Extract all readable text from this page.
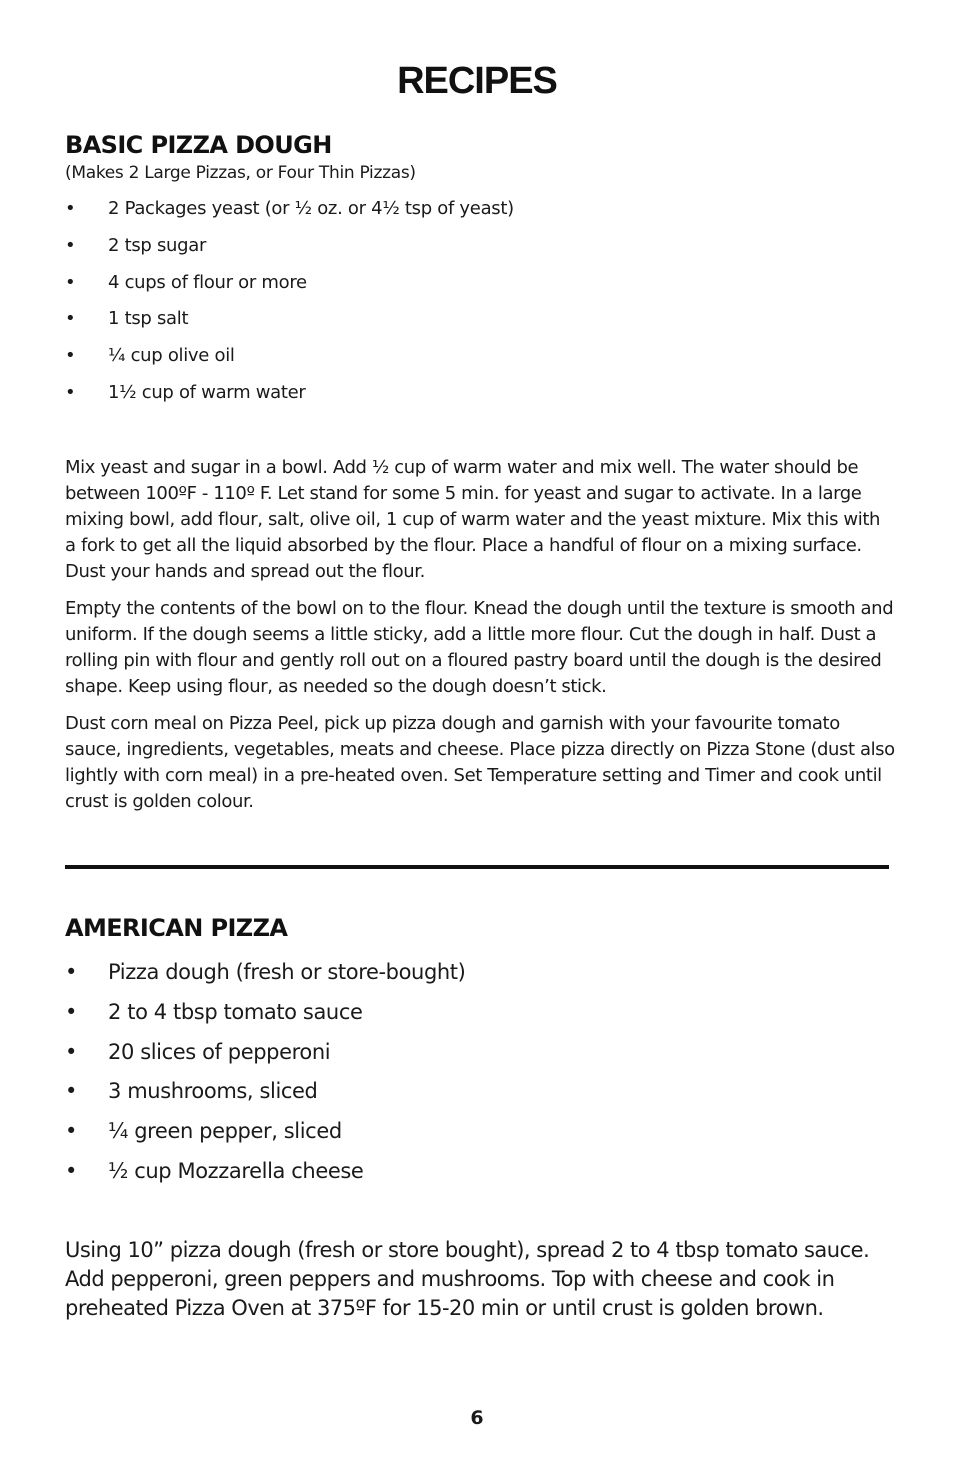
RECIPES
BASIC PIZZA DOUGH

(Makes 2 Large Pizzas, or Four Thin Pizzas)

• 2 Packages yeast (or ½ oz. or 4½ tsp of yeast)
• 2 tsp sugar
• 4 cups of flour or more
• 1 tsp salt
• ¼ cup olive oil
• 1½ cup of warm water

Mix yeast and sugar in a bowl. Add ½ cup of warm water and mix well. The water should be between 100ºF - 110º F. Let stand for some 5 min. for yeast and sugar to activate. In a large mixing bowl, add flour, salt, olive oil, 1 cup of warm water and the yeast mixture. Mix this with a fork to get all the liquid absorbed by the flour. Place a handful of flour on a mixing surface. Dust your hands and spread out the flour.

Empty the contents of the bowl on to the flour. Knead the dough until the texture is smooth and uniform. If the dough seems a little sticky, add a little more flour. Cut the dough in half. Dust a rolling pin with flour and gently roll out on a floured pastry board until the dough is the desired shape. Keep using flour, as needed so the dough doesn’t stick.

Dust corn meal on Pizza Peel, pick up pizza dough and garnish with your favourite tomato sauce, ingredients, vegetables, meats and cheese. Place pizza directly on Pizza Stone (dust also lightly with corn meal) in a pre-heated oven. Set Temperature setting and Timer and cook until crust is golden colour.

AMERICAN PIZZA
• Pizza dough (fresh or store-bought)
• 2 to 4 tbsp tomato sauce
• 20 slices of pepperoni
• 3 mushrooms, sliced
• ¼ green pepper, sliced
• ½ cup Mozzarella cheese

Using 10” pizza dough (fresh or store bought), spread 2 to 4 tbsp tomato sauce. Add pepperoni, green peppers and mushrooms. Top with cheese and cook in preheated Pizza Oven at 375ºF for 15-20 min or until crust is golden brown.

6
